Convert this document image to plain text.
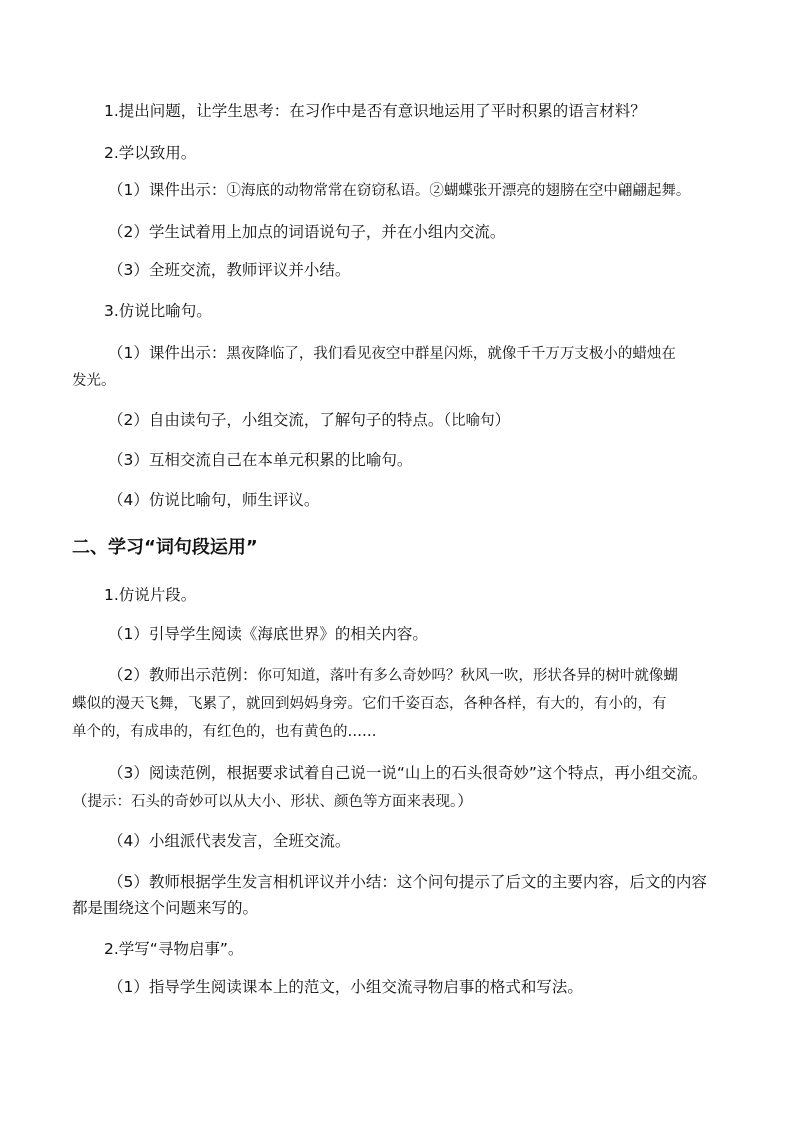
1.提出问题，让学生思考：在习作中是否有意识地运用了平时积累的语言材料？
2.学以致用。
（1）课件出示：①海底的动物常常在窃窃私语。②蝴蝶张开漂亮的翅膀在空中翩翩起舞。
（2）学生试着用上加点的词语说句子，并在小组内交流。
（3）全班交流，教师评议并小结。
3.仿说比喻句。
（1）课件出示：黑夜降临了，我们看见夜空中群星闪烁，就像千千万万支极小的蜡烛在
发光。
（2）自由读句子，小组交流，了解句子的特点。（比喻句）
（3）互相交流自己在本单元积累的比喻句。
（4）仿说比喻句，师生评议。
二、学习“词句段运用”
1.仿说片段。
（1）引导学生阅读《海底世界》的相关内容。
（2）教师出示范例：你可知道，落叶有多么奇妙吗？秋风一吹，形状各异的树叶就像蝴
蝶似的漫天飞舞，飞累了，就回到妈妈身旁。它们千姿百态，各种各样，有大的，有小的，有
单个的，有成串的，有红色的，也有黄色的……
（3）阅读范例，根据要求试着自己说一说“山上的石头很奇妙”这个特点，再小组交流。
（提示：石头的奇妙可以从大小、形状、颜色等方面来表现。）
（4）小组派代表发言，全班交流。
（5）教师根据学生发言相机评议并小结：这个问句提示了后文的主要内容，后文的内容
都是围绕这个问题来写的。
2.学写“寻物启事”。
（1）指导学生阅读课本上的范文，小组交流寻物启事的格式和写法。
